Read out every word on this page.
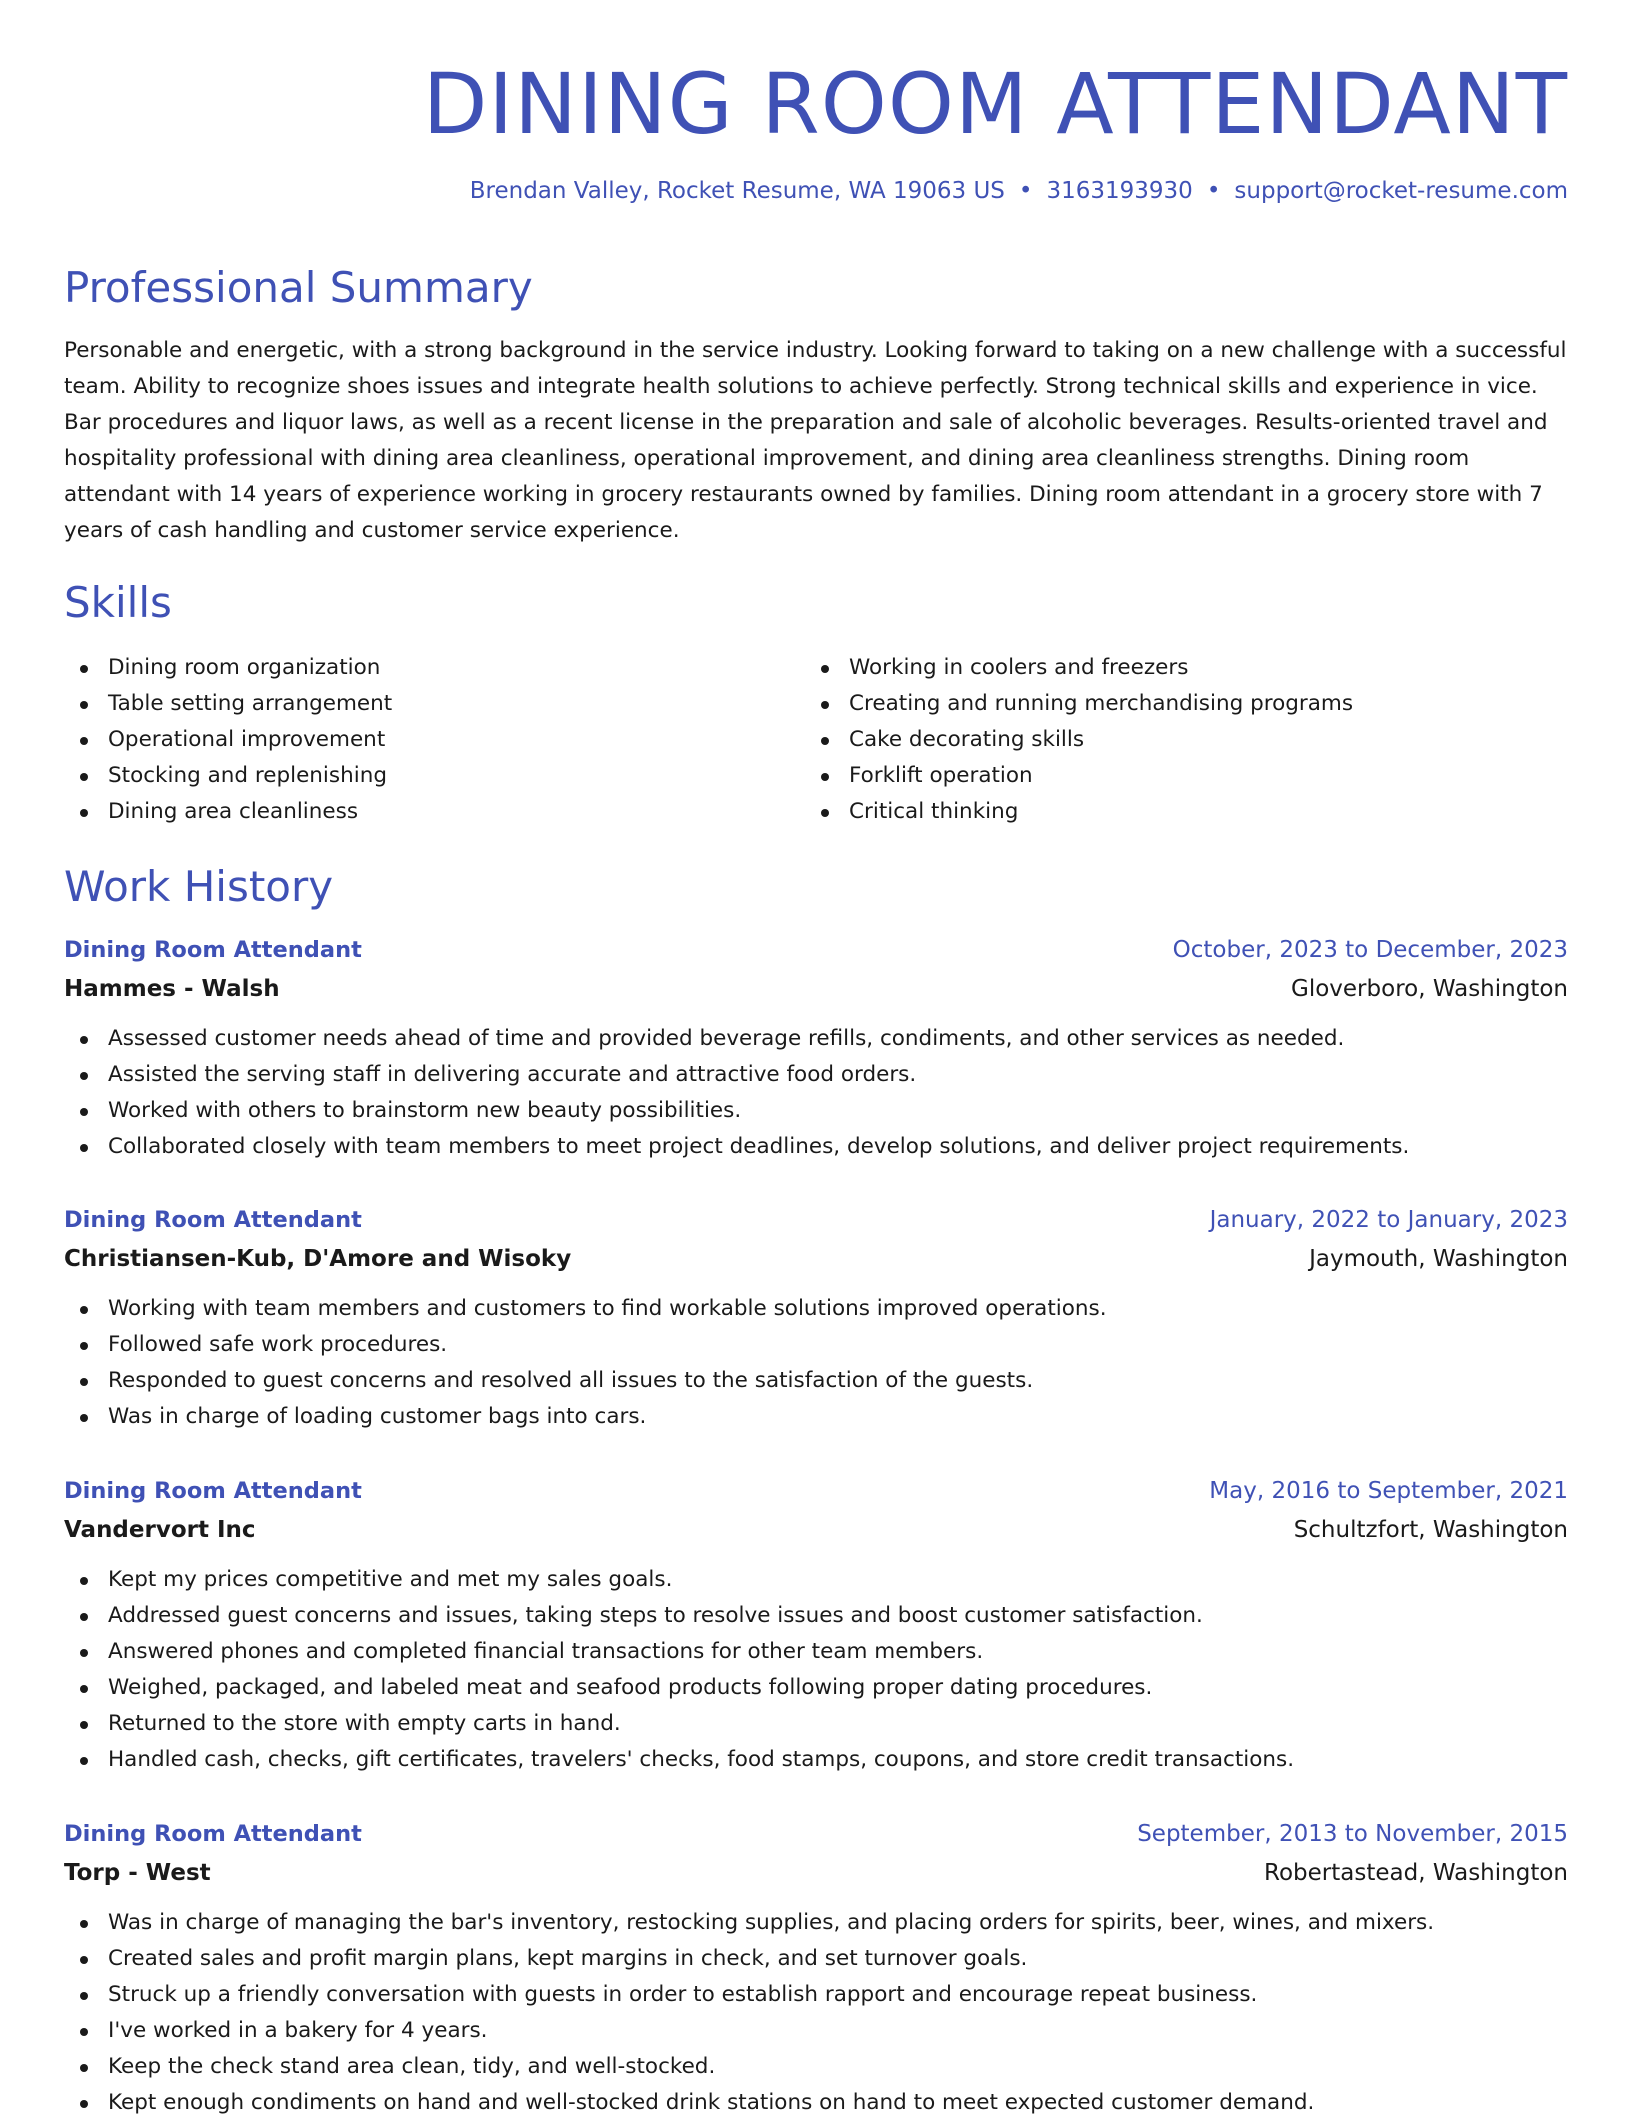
DINING ROOM ATTENDANT
Brendan Valley, Rocket Resume, WA 19063 US • 3163193930 • support@rocket-resume.com
Professional Summary

Personable and energetic, with a strong background in the service industry. Looking forward to taking on a new challenge with a successful team. Ability to recognize shoes issues and integrate health solutions to achieve perfectly. Strong technical skills and experience in vice. Bar procedures and liquor laws, as well as a recent license in the preparation and sale of alcoholic beverages. Results-oriented travel and hospitality professional with dining area cleanliness, operational improvement, and dining area cleanliness strengths. Dining room attendant with 14 years of experience working in grocery restaurants owned by families. Dining room attendant in a grocery store with 7 years of cash handling and customer service experience.

Skills
Dining room organization
Table setting arrangement
Operational improvement
Stocking and replenishing
Dining area cleanliness
Working in coolers and freezers
Creating and running merchandising programs
Cake decorating skills
Forklift operation
Critical thinking
Work History
Dining Room Attendant	October, 2023 to December, 2023
Hammes - Walsh	Gloverboro, Washington
Assessed customer needs ahead of time and provided beverage refills, condiments, and other services as needed.
Assisted the serving staff in delivering accurate and attractive food orders.
Worked with others to brainstorm new beauty possibilities.
Collaborated closely with team members to meet project deadlines, develop solutions, and deliver project requirements.
Dining Room Attendant	January, 2022 to January, 2023
Christiansen-Kub, D'Amore and Wisoky	Jaymouth, Washington
Working with team members and customers to find workable solutions improved operations.
Followed safe work procedures.
Responded to guest concerns and resolved all issues to the satisfaction of the guests.
Was in charge of loading customer bags into cars.
Dining Room Attendant	May, 2016 to September, 2021
Vandervort Inc	Schultzfort, Washington
Kept my prices competitive and met my sales goals.
Addressed guest concerns and issues, taking steps to resolve issues and boost customer satisfaction.
Answered phones and completed financial transactions for other team members.
Weighed, packaged, and labeled meat and seafood products following proper dating procedures.
Returned to the store with empty carts in hand.
Handled cash, checks, gift certificates, travelers' checks, food stamps, coupons, and store credit transactions.
Dining Room Attendant	September, 2013 to November, 2015
Torp - West	Robertastead, Washington
Was in charge of managing the bar's inventory, restocking supplies, and placing orders for spirits, beer, wines, and mixers.
Created sales and profit margin plans, kept margins in check, and set turnover goals.
Struck up a friendly conversation with guests in order to establish rapport and encourage repeat business.
I've worked in a bakery for 4 years.
Keep the check stand area clean, tidy, and well-stocked.
Kept enough condiments on hand and well-stocked drink stations on hand to meet expected customer demand.
